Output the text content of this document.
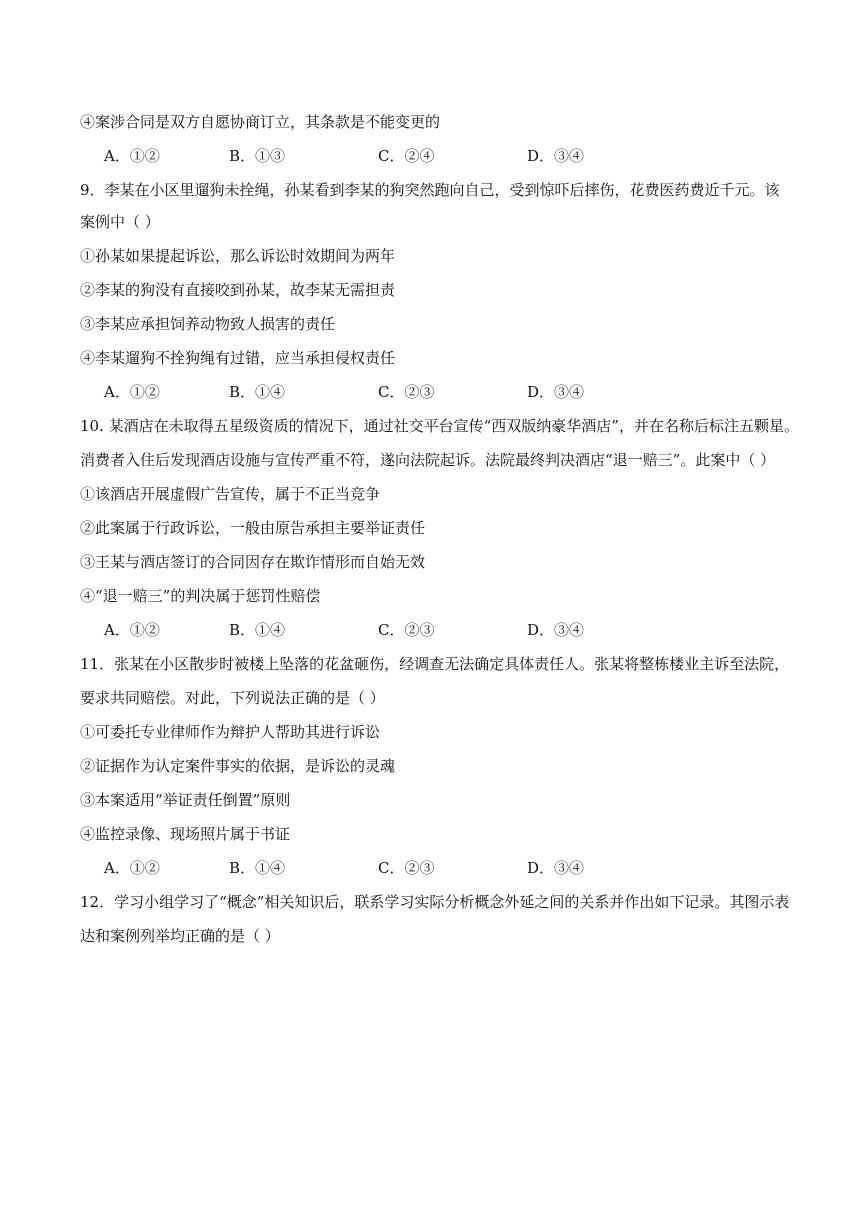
④案涉合同是双方自愿协商订立，其条款是不能变更的
A．①②	B．①③	C．②④	D．③④
9．李某在小区里遛狗未拴绳，孙某看到李某的狗突然跑向自己，受到惊吓后摔伤，花费医药费近千元。该
案例中（ ）
①孙某如果提起诉讼，那么诉讼时效期间为两年
②李某的狗没有直接咬到孙某，故李某无需担责
③李某应承担饲养动物致人损害的责任
④李某遛狗不拴狗绳有过错，应当承担侵权责任
A．①②	B．①④	C．②③	D．③④
10. 某酒店在未取得五星级资质的情况下，通过社交平台宣传“西双版纳豪华酒店”，并在名称后标注五颗星。
消费者入住后发现酒店设施与宣传严重不符，遂向法院起诉。法院最终判决酒店“退一赔三”。此案中（ ）
①该酒店开展虚假广告宣传，属于不正当竞争
②此案属于行政诉讼，一般由原告承担主要举证责任
③王某与酒店签订的合同因存在欺诈情形而自始无效
④“退一赔三”的判决属于惩罚性赔偿
A．①②	B．①④	C．②③	D．③④
11．张某在小区散步时被楼上坠落的花盆砸伤，经调查无法确定具体责任人。张某将整栋楼业主诉至法院，
要求共同赔偿。对此，下列说法正确的是（ ）
①可委托专业律师作为辩护人帮助其进行诉讼
②证据作为认定案件事实的依据，是诉讼的灵魂
③本案适用“举证责任倒置”原则
④监控录像、现场照片属于书证
A．①②	B．①④	C．②③	D．③④
12．学习小组学习了“概念”相关知识后，联系学习实际分析概念外延之间的关系并作出如下记录。其图示表
达和案例列举均正确的是（ ）
